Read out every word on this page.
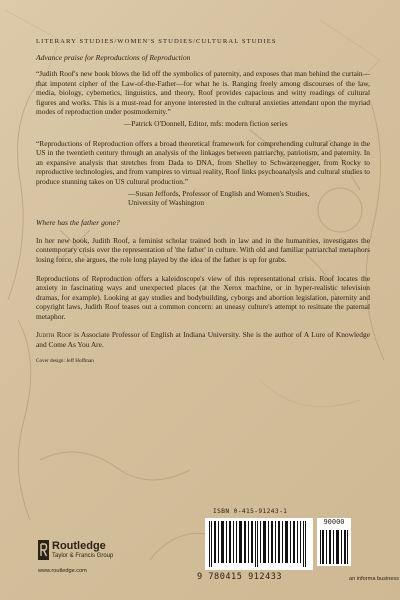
LITERARY STUDIES/WOMEN'S STUDIES/CULTURAL STUDIES
Advance praise for Reproductions of Reproduction

“Judith Roof's new book blows the lid off the symbolics of paternity, and exposes that man behind the curtain—that impotent cipher of the Law-of-the-Father—for what he is. Ranging freely among discourses of the law, media, biology, cybernetics, linguistics, and theory, Roof provides capacious and witty readings of cultural figures and works. This is a must-read for anyone interested in the cultural anxieties attendant upon the myriad modes of reproduction under postmodernity.”

—Patrick O'Donnell, Editor, mfs: modern fiction series

“Reproductions of Reproduction offers a broad theoretical framework for comprehending cultural change in the US in the twentieth century through an analysis of the linkages between patriarchy, patriotism, and paternity. In an expansive analysis that stretches from Dada to DNA, from Shelley to Schwarzenegger, from Rocky to reproductive technologies, and from vampires to virtual reality, Roof links psychoanalysis and cultural studies to produce stunning takes on US cultural production.”

—Susan Jeffords, Professor of English and Women's Studies,
University of Washington
Where has the father gone?

In her new book, Judith Roof, a feminist scholar trained both in law and in the humanities, investigates the contemporary crisis over the representation of 'the father' in culture. With old and familiar patriarchal metaphors losing force, she argues, the role long played by the idea of the father is up for grabs.

Reproductions of Reproduction offers a kaleidoscope's view of this representational crisis. Roof locates the anxiety in fascinating ways and unexpected places (at the Xerox machine, or in hyper-realistic television dramas, for example). Looking at gay studies and bodybuilding, cyborgs and abortion legislation, paternity and copyright laws, Judith Roof teases out a common concern: an uneasy culture's attempt to resituate the paternal metaphor.

Judith Roof is Associate Professor of English at Indiana University. She is the author of A Lure of Knowledge and Come As You Are.

Cover design: Jeff Hoffman
Routledge
Taylor & Francis Group
www.routledge.com
ISBN 0-415-91243-1
90000
9 780415 912433	an informa business
